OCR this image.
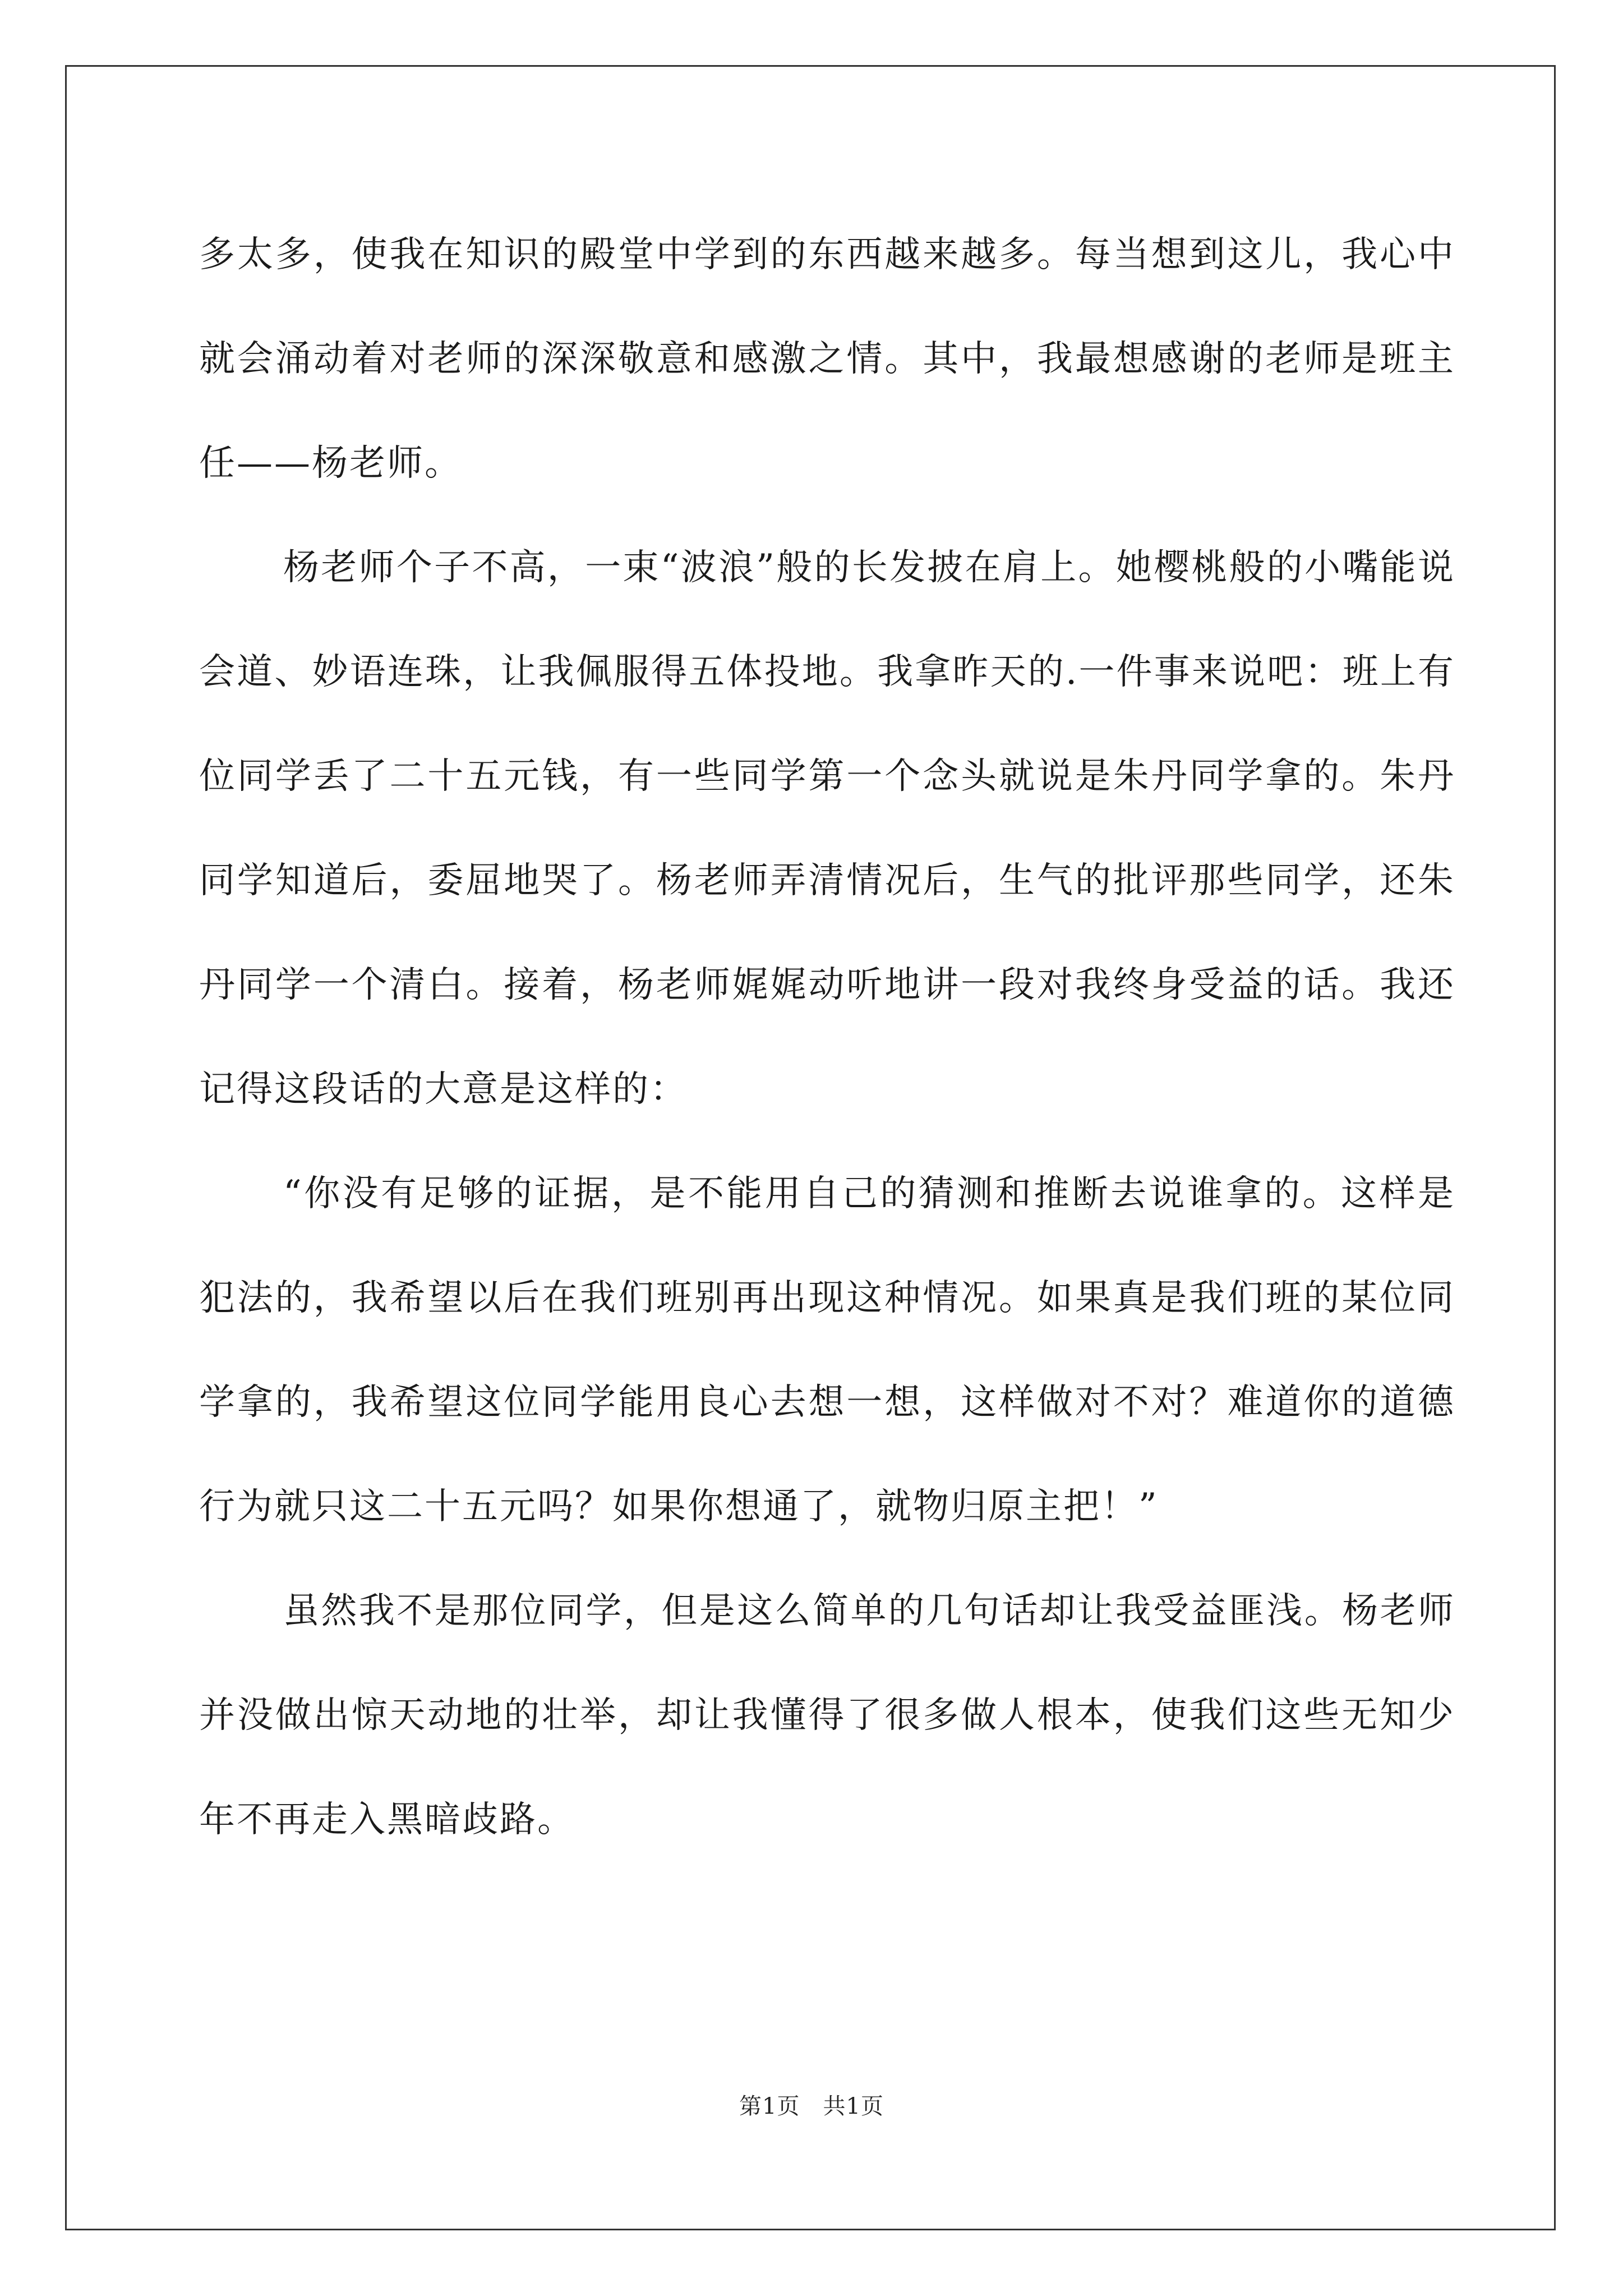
多太多，使我在知识的殿堂中学到的东西越来越多。每当想到这儿，我心中就会涌动着对老师的深深敬意和感激之情。其中，我最想感谢的老师是班主任——杨老师。

杨老师个子不高，一束“波浪”般的长发披在肩上。她樱桃般的小嘴能说会道、妙语连珠，让我佩服得五体投地。我拿昨天的.一件事来说吧：班上有位同学丢了二十五元钱，有一些同学第一个念头就说是朱丹同学拿的。朱丹同学知道后，委屈地哭了。杨老师弄清情况后，生气的批评那些同学，还朱丹同学一个清白。接着，杨老师娓娓动听地讲一段对我终身受益的话。我还记得这段话的大意是这样的：

“你没有足够的证据，是不能用自己的猜测和推断去说谁拿的。这样是犯法的，我希望以后在我们班别再出现这种情况。如果真是我们班的某位同学拿的，我希望这位同学能用良心去想一想，这样做对不对？难道你的道德行为就只这二十五元吗？如果你想通了，就物归原主把！”

虽然我不是那位同学，但是这么简单的几句话却让我受益匪浅。杨老师并没做出惊天动地的壮举，却让我懂得了很多做人根本，使我们这些无知少年不再走入黑暗歧路。

第1页　共1页
